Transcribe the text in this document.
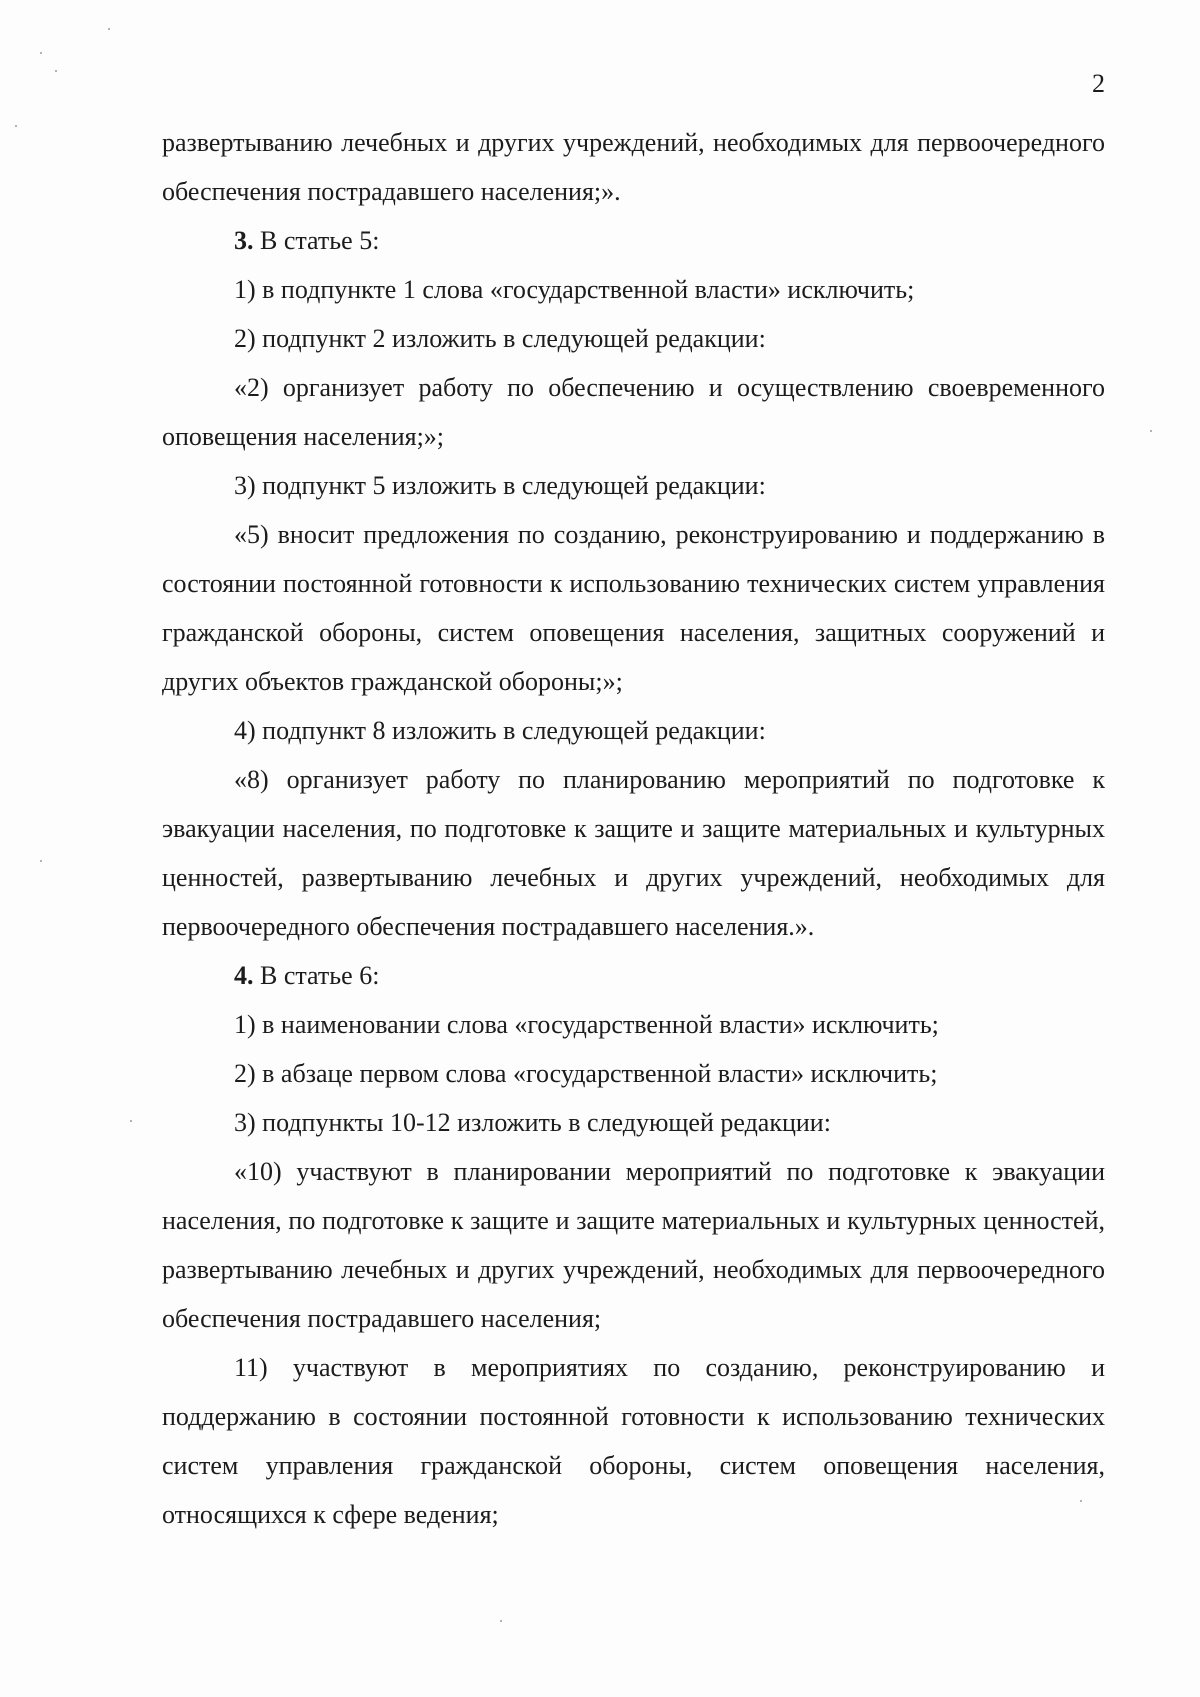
2

развертыванию лечебных и других учреждений, необходимых для первоочередного обеспечения пострадавшего населения;».

3. В статье 5:

1) в подпункте 1 слова «государственной власти» исключить;

2) подпункт 2 изложить в следующей редакции:

«2) организует работу по обеспечению и осуществлению своевременного оповещения населения;»;

3) подпункт 5 изложить в следующей редакции:

«5) вносит предложения по созданию, реконструированию и поддержанию в состоянии постоянной готовности к использованию технических систем управления гражданской обороны, систем оповещения населения, защитных сооружений и других объектов гражданской обороны;»;

4) подпункт 8 изложить в следующей редакции:

«8) организует работу по планированию мероприятий по подготовке к эвакуации населения, по подготовке к защите и защите материальных и культурных ценностей, развертыванию лечебных и других учреждений, необходимых для первоочередного обеспечения пострадавшего населения.».

4. В статье 6:

1) в наименовании слова «государственной власти» исключить;

2) в абзаце первом слова «государственной власти» исключить;

3) подпункты 10-12 изложить в следующей редакции:

«10) участвуют в планировании мероприятий по подготовке к эвакуации населения, по подготовке к защите и защите материальных и культурных ценностей, развертыванию лечебных и других учреждений, необходимых для первоочередного обеспечения пострадавшего населения;

11) участвуют в мероприятиях по созданию, реконструированию и поддержанию в состоянии постоянной готовности к использованию технических систем управления гражданской обороны, систем оповещения населения, относящихся к сфере ведения;
